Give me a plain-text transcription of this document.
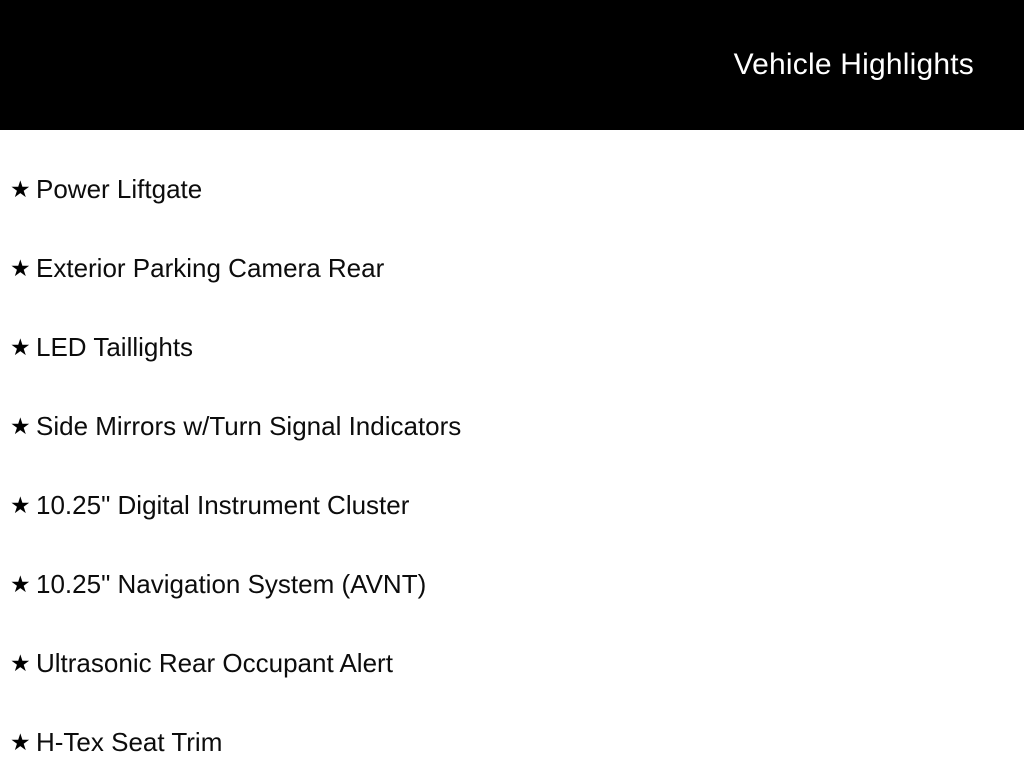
Vehicle Highlights
★ Power Liftgate
★ Exterior Parking Camera Rear
★ LED Taillights
★ Side Mirrors w/Turn Signal Indicators
★ 10.25" Digital Instrument Cluster
★ 10.25" Navigation System (AVNT)
★ Ultrasonic Rear Occupant Alert
★ H-Tex Seat Trim
